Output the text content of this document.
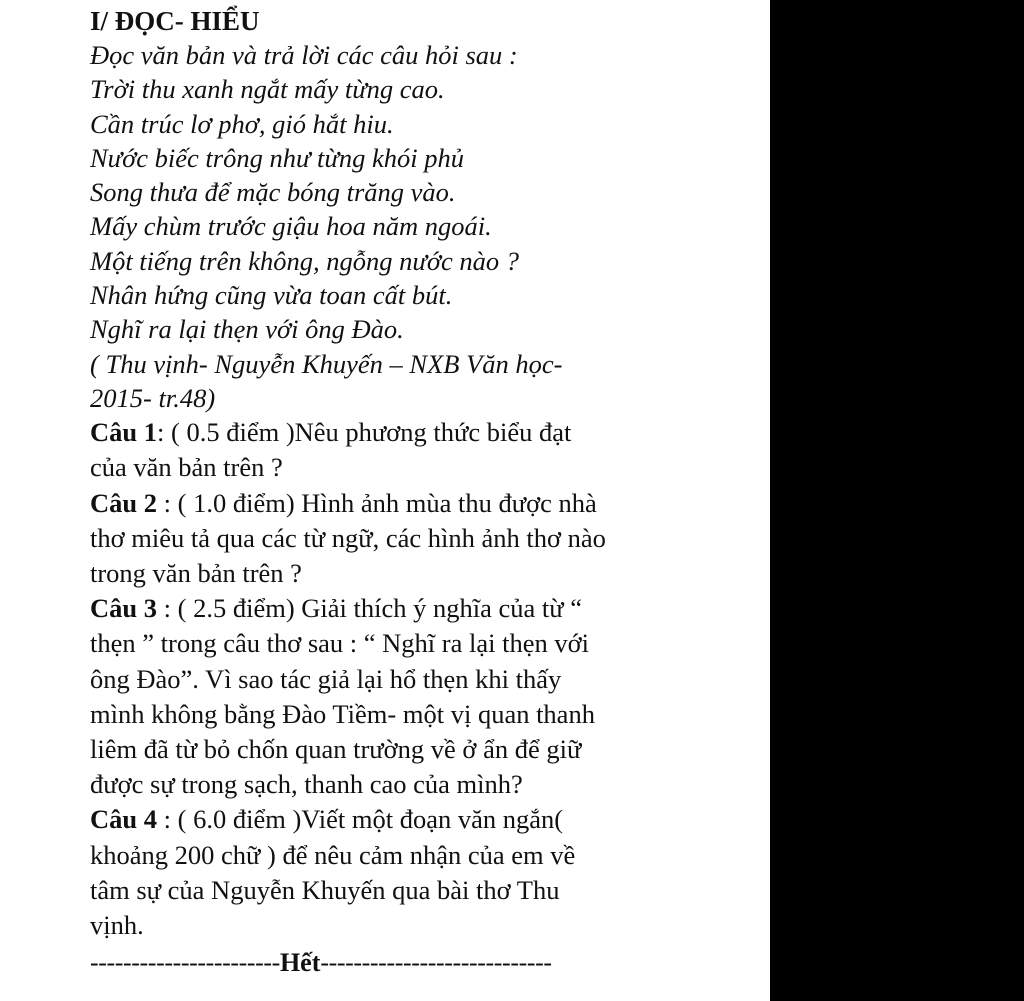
I/ ĐỌC- HIỂU
Đọc văn bản và trả lời các câu hỏi sau :
Trời thu xanh ngắt mấy từng cao.
Cần trúc lơ phơ, gió hắt hiu.
Nước biếc trông như từng khói phủ
Song thưa để mặc bóng trăng vào.
Mấy chùm trước giậu hoa năm ngoái.
Một tiếng trên không, ngỗng nước nào ?
Nhân hứng cũng vừa toan cất bút.
Nghĩ ra lại thẹn với ông Đào.
( Thu vịnh- Nguyễn Khuyến – NXB Văn học-
2015- tr.48)
Câu 1: ( 0.5 điểm )Nêu phương thức biểu đạt
của văn bản trên ?
Câu 2 : ( 1.0 điểm) Hình ảnh mùa thu được nhà
thơ miêu tả qua các từ ngữ, các hình ảnh thơ nào
trong văn bản trên ?
Câu 3 : ( 2.5 điểm) Giải thích ý nghĩa của từ “
thẹn ” trong câu thơ sau : “ Nghĩ ra lại thẹn với
ông Đào”. Vì sao tác giả lại hổ thẹn khi thấy
mình không bằng Đào Tiềm- một vị quan thanh
liêm đã từ bỏ chốn quan trường về ở ẩn để giữ
được sự trong sạch, thanh cao của mình?
Câu 4 : ( 6.0 điểm )Viết một đoạn văn ngắn(
khoảng 200 chữ ) để nêu cảm nhận của em về
tâm sự của Nguyễn Khuyến qua bài thơ Thu
vịnh.
-----------------------Hết----------------------------
